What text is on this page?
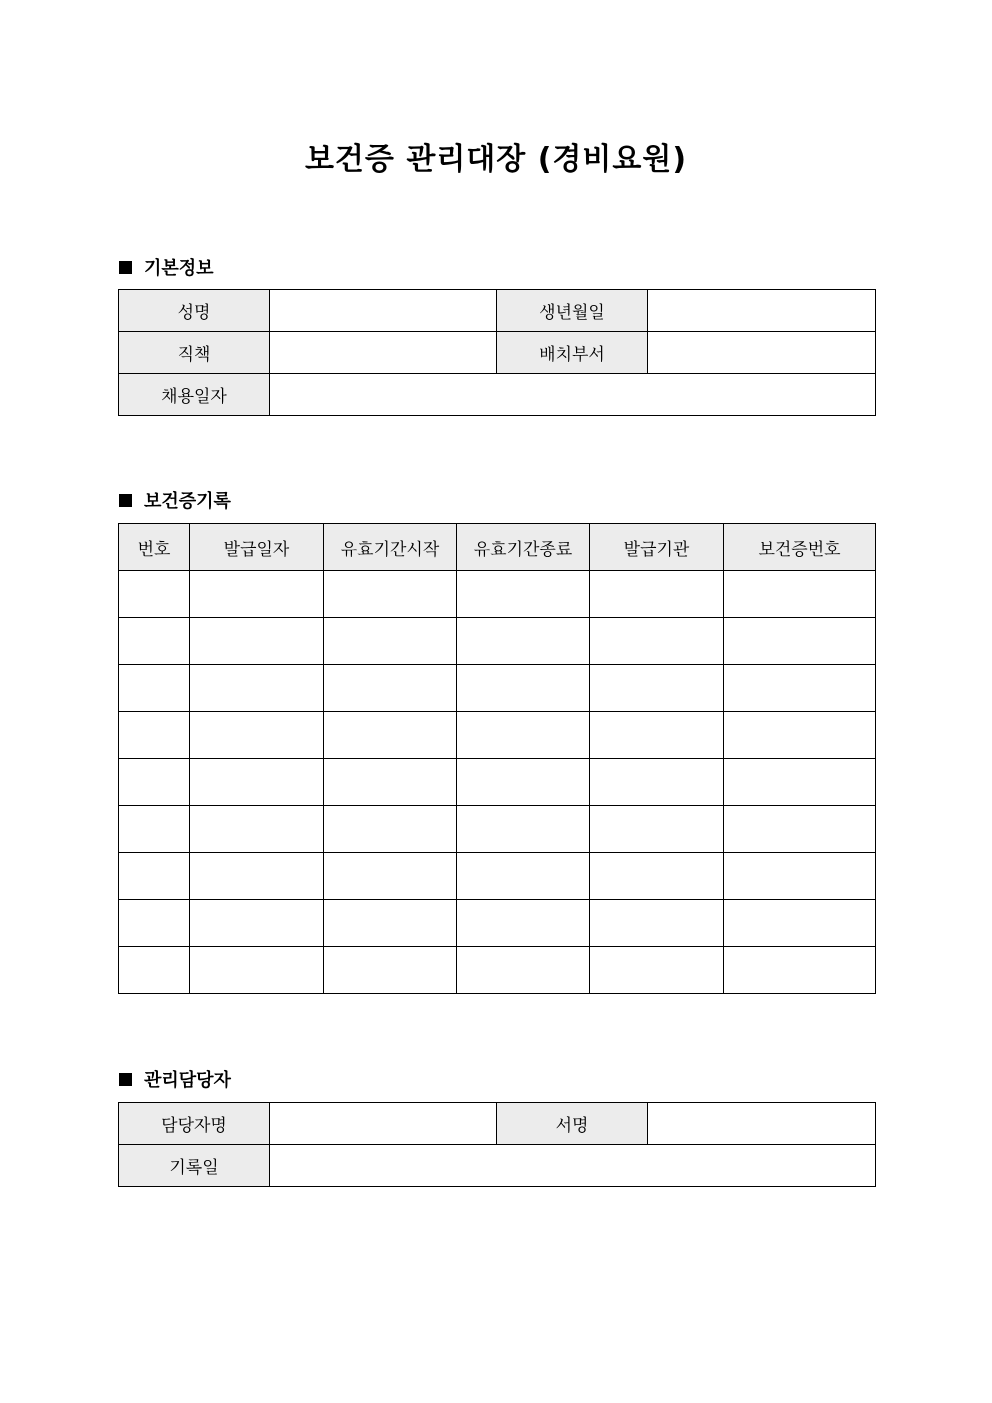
보건증 관리대장 (경비요원)
기본정보
성명		생년월일	
직책		배치부서	
채용일자			
보건증기록
번호	발급일자	유효기간시작	유효기간종료	발급기관	보건증번호

관리담당자
담당자명		서명	
기록일			
